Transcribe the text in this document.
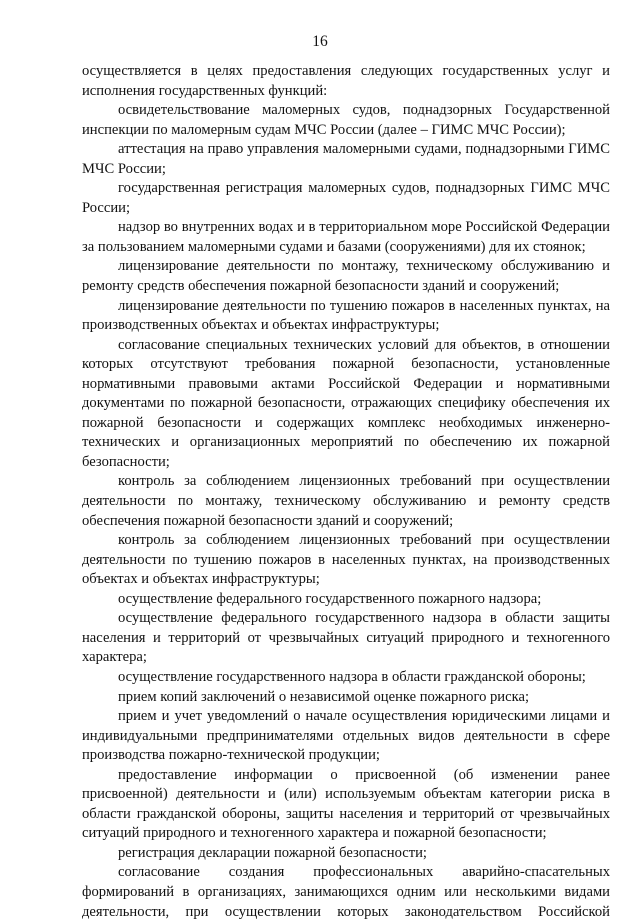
16

осуществляется в целях предоставления следующих государственных услуг и исполнения государственных функций:

освидетельствование маломерных судов, поднадзорных Государственной инспекции по маломерным судам МЧС России (далее – ГИМС МЧС России);

аттестация на право управления маломерными судами, поднадзорными ГИМС МЧС России;

государственная регистрация маломерных судов, поднадзорных ГИМС МЧС России;

надзор во внутренних водах и в территориальном море Российской Федерации за пользованием маломерными судами и базами (сооружениями) для их стоянок;

лицензирование деятельности по монтажу, техническому обслуживанию и ремонту средств обеспечения пожарной безопасности зданий и сооружений;

лицензирование деятельности по тушению пожаров в населенных пунктах, на производственных объектах и объектах инфраструктуры;

согласование специальных технических условий для объектов, в отношении которых отсутствуют требования пожарной безопасности, установленные нормативными правовыми актами Российской Федерации и нормативными документами по пожарной безопасности, отражающих специфику обеспечения их пожарной безопасности и содержащих комплекс необходимых инженерно-технических и организационных мероприятий по обеспечению их пожарной безопасности;

контроль за соблюдением лицензионных требований при осуществлении деятельности по монтажу, техническому обслуживанию и ремонту средств обеспечения пожарной безопасности зданий и сооружений;

контроль за соблюдением лицензионных требований при осуществлении деятельности по тушению пожаров в населенных пунктах, на производственных объектах и объектах инфраструктуры;

осуществление федерального государственного пожарного надзора;

осуществление федерального государственного надзора в области защиты населения и территорий от чрезвычайных ситуаций природного и техногенного характера;

осуществление государственного надзора в области гражданской обороны;

прием копий заключений о независимой оценке пожарного риска;

прием и учет уведомлений о начале осуществления юридическими лицами и индивидуальными предпринимателями отдельных видов деятельности в сфере производства пожарно-технической продукции;

предоставление информации о присвоенной (об изменении ранее присвоенной) деятельности и (или) используемым объектам категории риска в области гражданской обороны, защиты населения и территорий от чрезвычайных ситуаций природного и техногенного характера и пожарной безопасности;

регистрация декларации пожарной безопасности;

согласование создания профессиональных аварийно-спасательных формирований в организациях, занимающихся одним или несколькими видами деятельности, при осуществлении которых законодательством Российской
